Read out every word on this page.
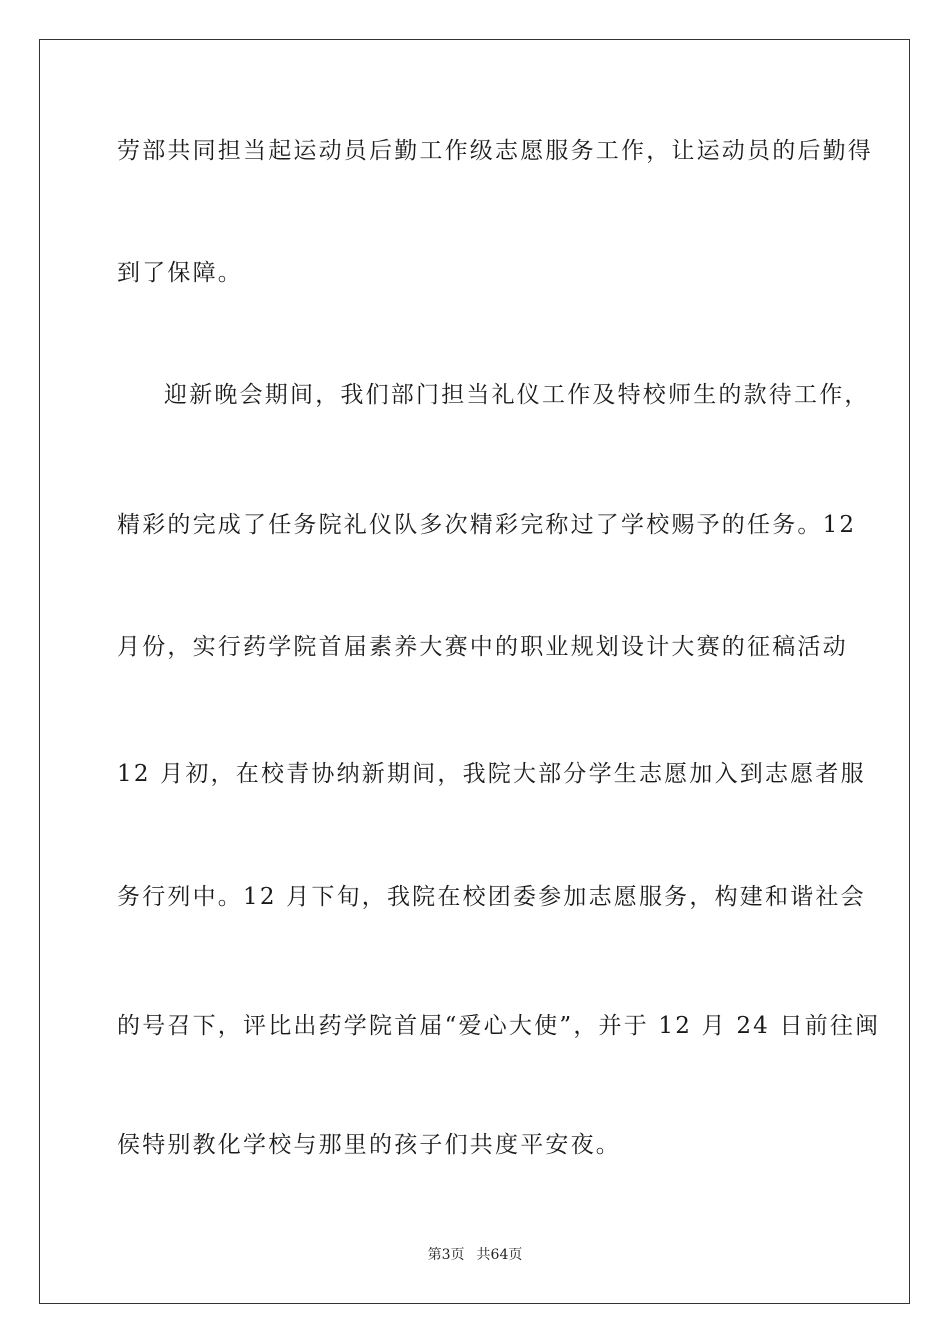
劳部共同担当起运动员后勤工作级志愿服务工作，让运动员的后勤得
到了保障。
迎新晚会期间，我们部门担当礼仪工作及特校师生的款待工作，
精彩的完成了任务院礼仪队多次精彩完称过了学校赐予的任务。12
月份，实行药学院首届素养大赛中的职业规划设计大赛的征稿活动
12 月初，在校青协纳新期间，我院大部分学生志愿加入到志愿者服
务行列中。12 月下旬，我院在校团委参加志愿服务，构建和谐社会
的号召下，评比出药学院首届“爱心大使”，并于 12 月 24 日前往闽
侯特别教化学校与那里的孩子们共度平安夜。
第3页 共64页
